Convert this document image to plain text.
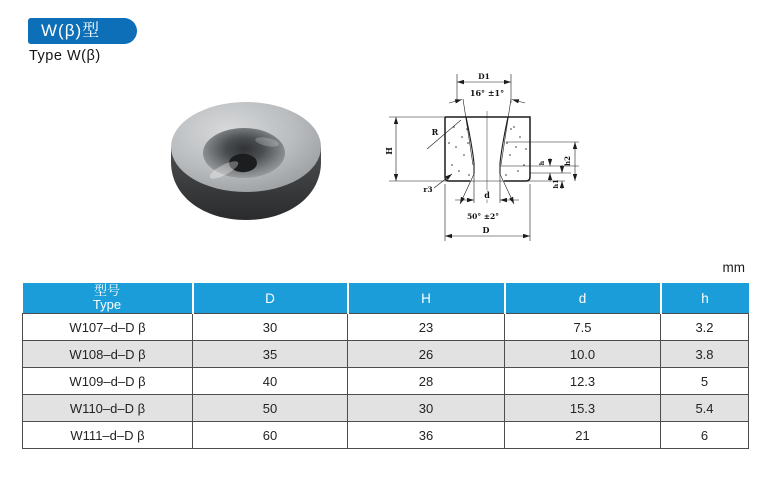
W(β)型
Type W(β)
D1
16° ±1°
R
H
h2
h
h1
d
50° ±2°
D
r3
mm
型号
Type	D	H	d	h
W107–d–D β	30	23	7.5	3.2
W108–d–D β	35	26	10.0	3.8
W109–d–D β	40	28	12.3	5
W110–d–D β	50	30	15.3	5.4
W111–d–D β	60	36	21	6
